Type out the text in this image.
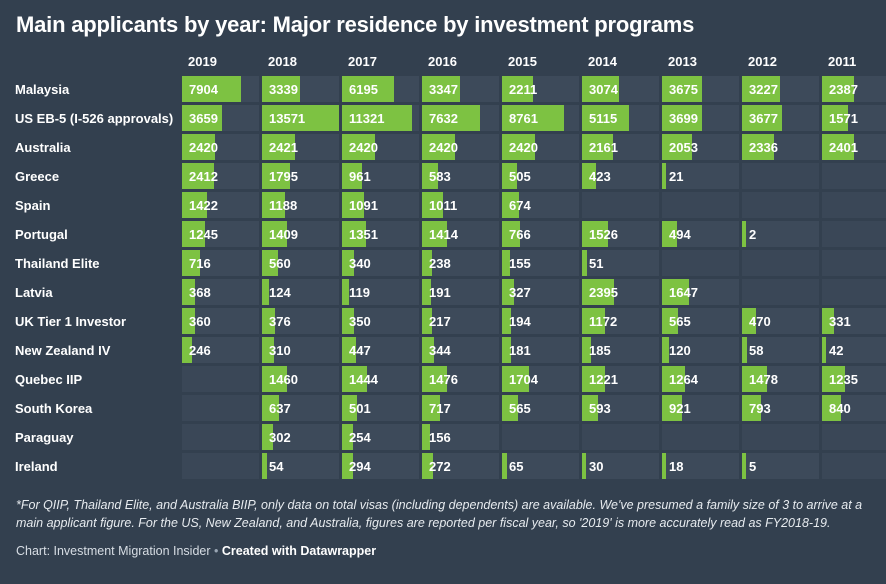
Main applicants by year: Major residence by investment programs
	2019	2018	2017	2016	2015	2014	2013	2012	2011
Malaysia	7904	3339	6195	3347	2211	3074	3675	3227	2387

US EB-5 (I-526 approvals)	3659	13571	11321	7632	8761	5115	3699	3677	1571

Australia	2420	2421	2420	2420	2420	2161	2053	2336	2401

Greece	2412	1795	961	583	505	423	21		

Spain	1422	1188	1091	1011	674				

Portugal	1245	1409	1351	1414	766	1526	494	2	

Thailand Elite	716	560	340	238	155	51			

Latvia	368	124	119	191	327	2395	1647		

UK Tier 1 Investor	360	376	350	217	194	1172	565	470	331

New Zealand IV	246	310	447	344	181	185	120	58	42

Quebec IIP		1460	1444	1476	1704	1221	1264	1478	1235

South Korea		637	501	717	565	593	921	793	840

Paraguay		302	254	156					

Ireland		54	294	272	65	30	18	5	

*For QIIP, Thailand Elite, and Australia BIIP, only data on total visas (including dependents) are available. We've presumed a family size of 3 to arrive at a main applicant figure. For the US, New Zealand, and Australia, figures are reported per fiscal year, so '2019' is more accurately read as FY2018-19.
Chart: Investment Migration Insider • Created with Datawrapper
